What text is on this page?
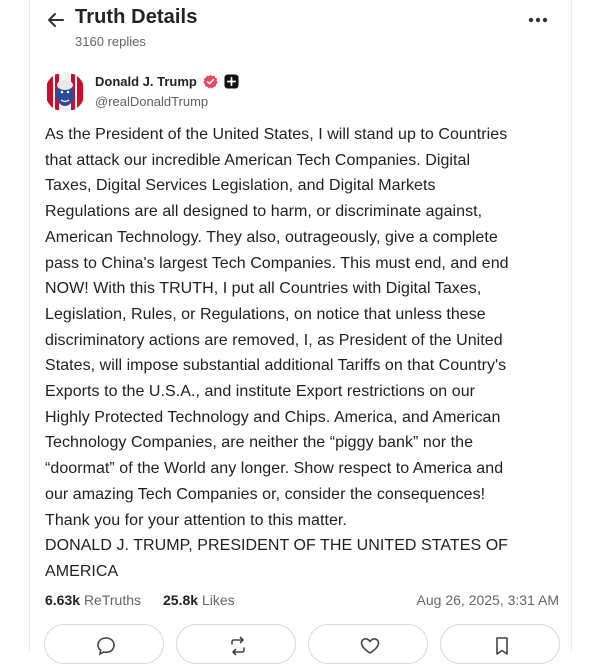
Truth Details
3160 replies
Donald J. Trump
@realDonaldTrump
As the President of the United States, I will stand up to Countries
that attack our incredible American Tech Companies. Digital
Taxes, Digital Services Legislation, and Digital Markets
Regulations are all designed to harm, or discriminate against,
American Technology. They also, outrageously, give a complete
pass to China's largest Tech Companies. This must end, and end
NOW! With this TRUTH, I put all Countries with Digital Taxes,
Legislation, Rules, or Regulations, on notice that unless these
discriminatory actions are removed, I, as President of the United
States, will impose substantial additional Tariffs on that Country's
Exports to the U.S.A., and institute Export restrictions on our
Highly Protected Technology and Chips. America, and American
Technology Companies, are neither the “piggy bank” nor the
“doormat” of the World any longer. Show respect to America and
our amazing Tech Companies or, consider the consequences!
Thank you for your attention to this matter.
DONALD J. TRUMP, PRESIDENT OF THE UNITED STATES OF
AMERICA
6.63k ReTruths 25.8k Likes	Aug 26, 2025, 3:31 AM
